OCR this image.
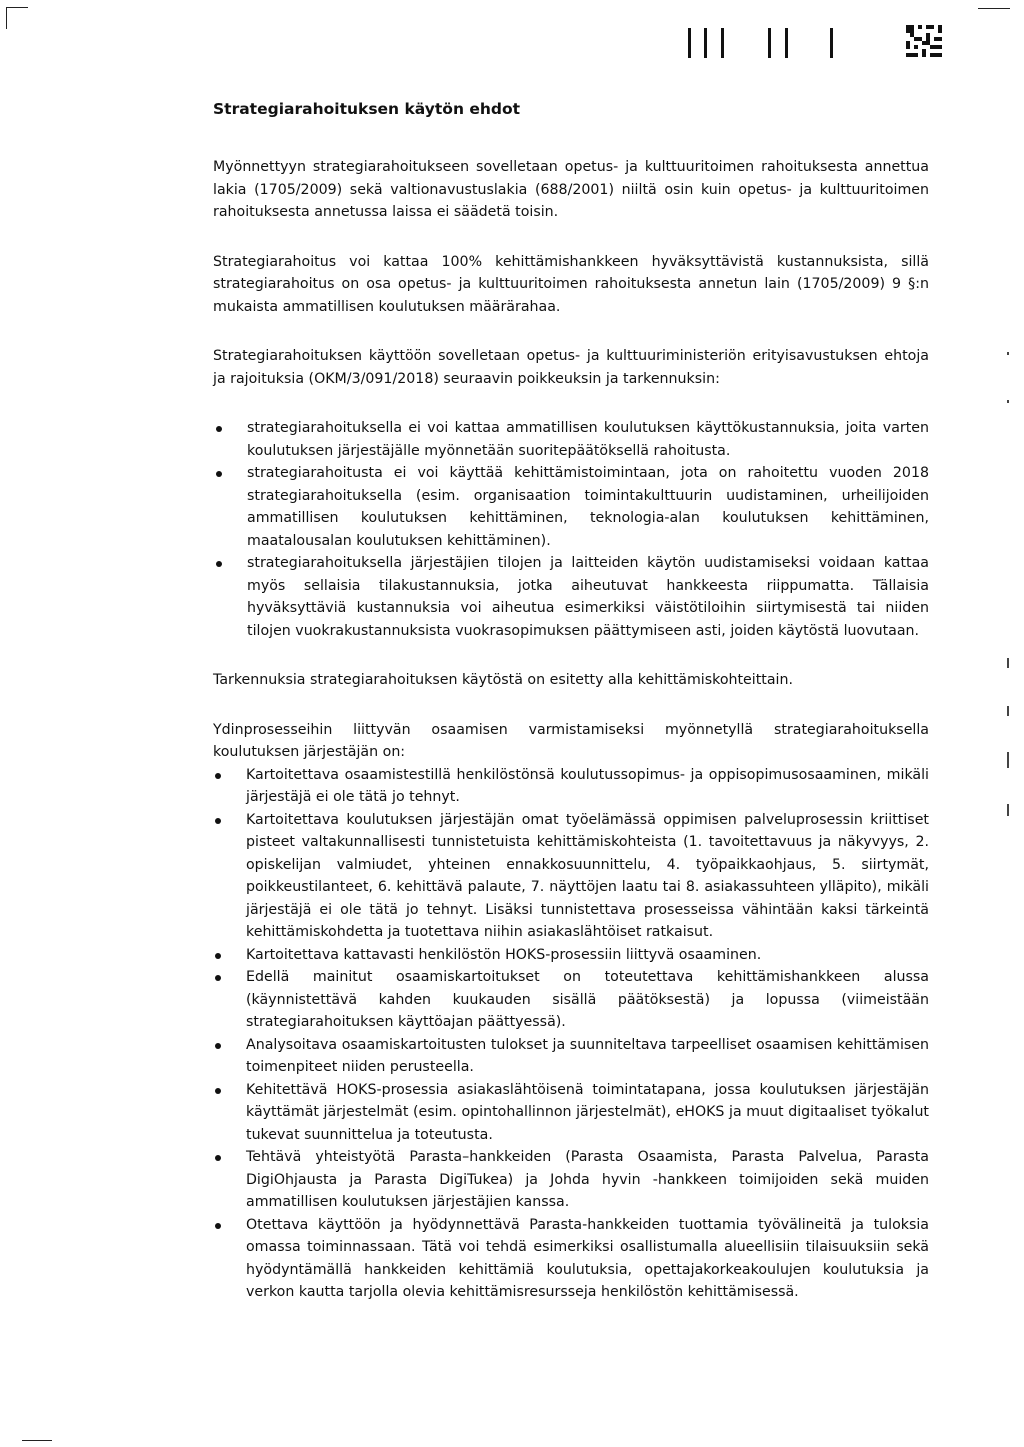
Strategiarahoituksen käytön ehdot

Myönnettyyn strategiarahoitukseen sovelletaan opetus- ja kulttuuritoimen rahoituksesta annettua lakia (1705/2009) sekä valtionavustuslakia (688/2001) niiltä osin kuin opetus- ja kulttuuritoimen rahoituksesta annetussa laissa ei säädetä toisin.

Strategiarahoitus voi kattaa 100% kehittämishankkeen hyväksyttävistä kustannuksista, sillä strategiarahoitus on osa opetus- ja kulttuuritoimen rahoituksesta annetun lain (1705/2009) 9 §:n mukaista ammatillisen koulutuksen määrärahaa.

Strategiarahoituksen käyttöön sovelletaan opetus- ja kulttuuriministeriön erityisavustuksen ehtoja ja rajoituksia (OKM/3/091/2018) seuraavin poikkeuksin ja tarkennuksin:

strategiarahoituksella ei voi kattaa ammatillisen koulutuksen käyttökustannuksia, joita varten koulutuksen järjestäjälle myönnetään suoritepäätöksellä rahoitusta.
strategiarahoitusta ei voi käyttää kehittämistoimintaan, jota on rahoitettu vuoden 2018 strategiarahoituksella (esim. organisaation toimintakulttuurin uudistaminen, urheilijoiden ammatillisen koulutuksen kehittäminen, teknologia-alan koulutuksen kehittäminen, maatalousalan koulutuksen kehittäminen).
strategiarahoituksella järjestäjien tilojen ja laitteiden käytön uudistamiseksi voidaan kattaa myös sellaisia tilakustannuksia, jotka aiheutuvat hankkeesta riippumatta. Tällaisia hyväksyttäviä kustannuksia voi aiheutua esimerkiksi väistötiloihin siirtymisestä tai niiden tilojen vuokrakustannuksista vuokrasopimuksen päättymiseen asti, joiden käytöstä luovutaan.

Tarkennuksia strategiarahoituksen käytöstä on esitetty alla kehittämiskohteittain.

Ydinprosesseihin liittyvän osaamisen varmistamiseksi myönnetyllä strategiarahoituksella koulutuksen järjestäjän on:

Kartoitettava osaamistestillä henkilöstönsä koulutussopimus- ja oppisopimusosaaminen, mikäli järjestäjä ei ole tätä jo tehnyt.
Kartoitettava koulutuksen järjestäjän omat työelämässä oppimisen palveluprosessin kriittiset pisteet valtakunnallisesti tunnistetuista kehittämiskohteista (1. tavoitettavuus ja näkyvyys, 2. opiskelijan valmiudet, yhteinen ennakkosuunnittelu, 4. työpaikkaohjaus, 5. siirtymät, poikkeustilanteet, 6. kehittävä palaute, 7. näyttöjen laatu tai 8. asiakassuhteen ylläpito), mikäli järjestäjä ei ole tätä jo tehnyt. Lisäksi tunnistettava prosesseissa vähintään kaksi tärkeintä kehittämiskohdetta ja tuotettava niihin asiakaslähtöiset ratkaisut.
Kartoitettava kattavasti henkilöstön HOKS-prosessiin liittyvä osaaminen.
Edellä mainitut osaamiskartoitukset on toteutettava kehittämishankkeen alussa (käynnistettävä kahden kuukauden sisällä päätöksestä) ja lopussa (viimeistään strategiarahoituksen käyttöajan päättyessä).
Analysoitava osaamiskartoitusten tulokset ja suunniteltava tarpeelliset osaamisen kehittämisen toimenpiteet niiden perusteella.
Kehitettävä HOKS-prosessia asiakaslähtöisenä toimintatapana, jossa koulutuksen järjestäjän käyttämät järjestelmät (esim. opintohallinnon järjestelmät), eHOKS ja muut digitaaliset työkalut tukevat suunnittelua ja toteutusta.
Tehtävä yhteistyötä Parasta–hankkeiden (Parasta Osaamista, Parasta Palvelua, Parasta DigiOhjausta ja Parasta DigiTukea) ja Johda hyvin -hankkeen toimijoiden sekä muiden ammatillisen koulutuksen järjestäjien kanssa.
Otettava käyttöön ja hyödynnettävä Parasta-hankkeiden tuottamia työvälineitä ja tuloksia omassa toiminnassaan. Tätä voi tehdä esimerkiksi osallistumalla alueellisiin tilaisuuksiin sekä hyödyntämällä hankkeiden kehittämiä koulutuksia, opettajakorkeakoulujen koulutuksia ja verkon kautta tarjolla olevia kehittämisresursseja henkilöstön kehittämisessä.
